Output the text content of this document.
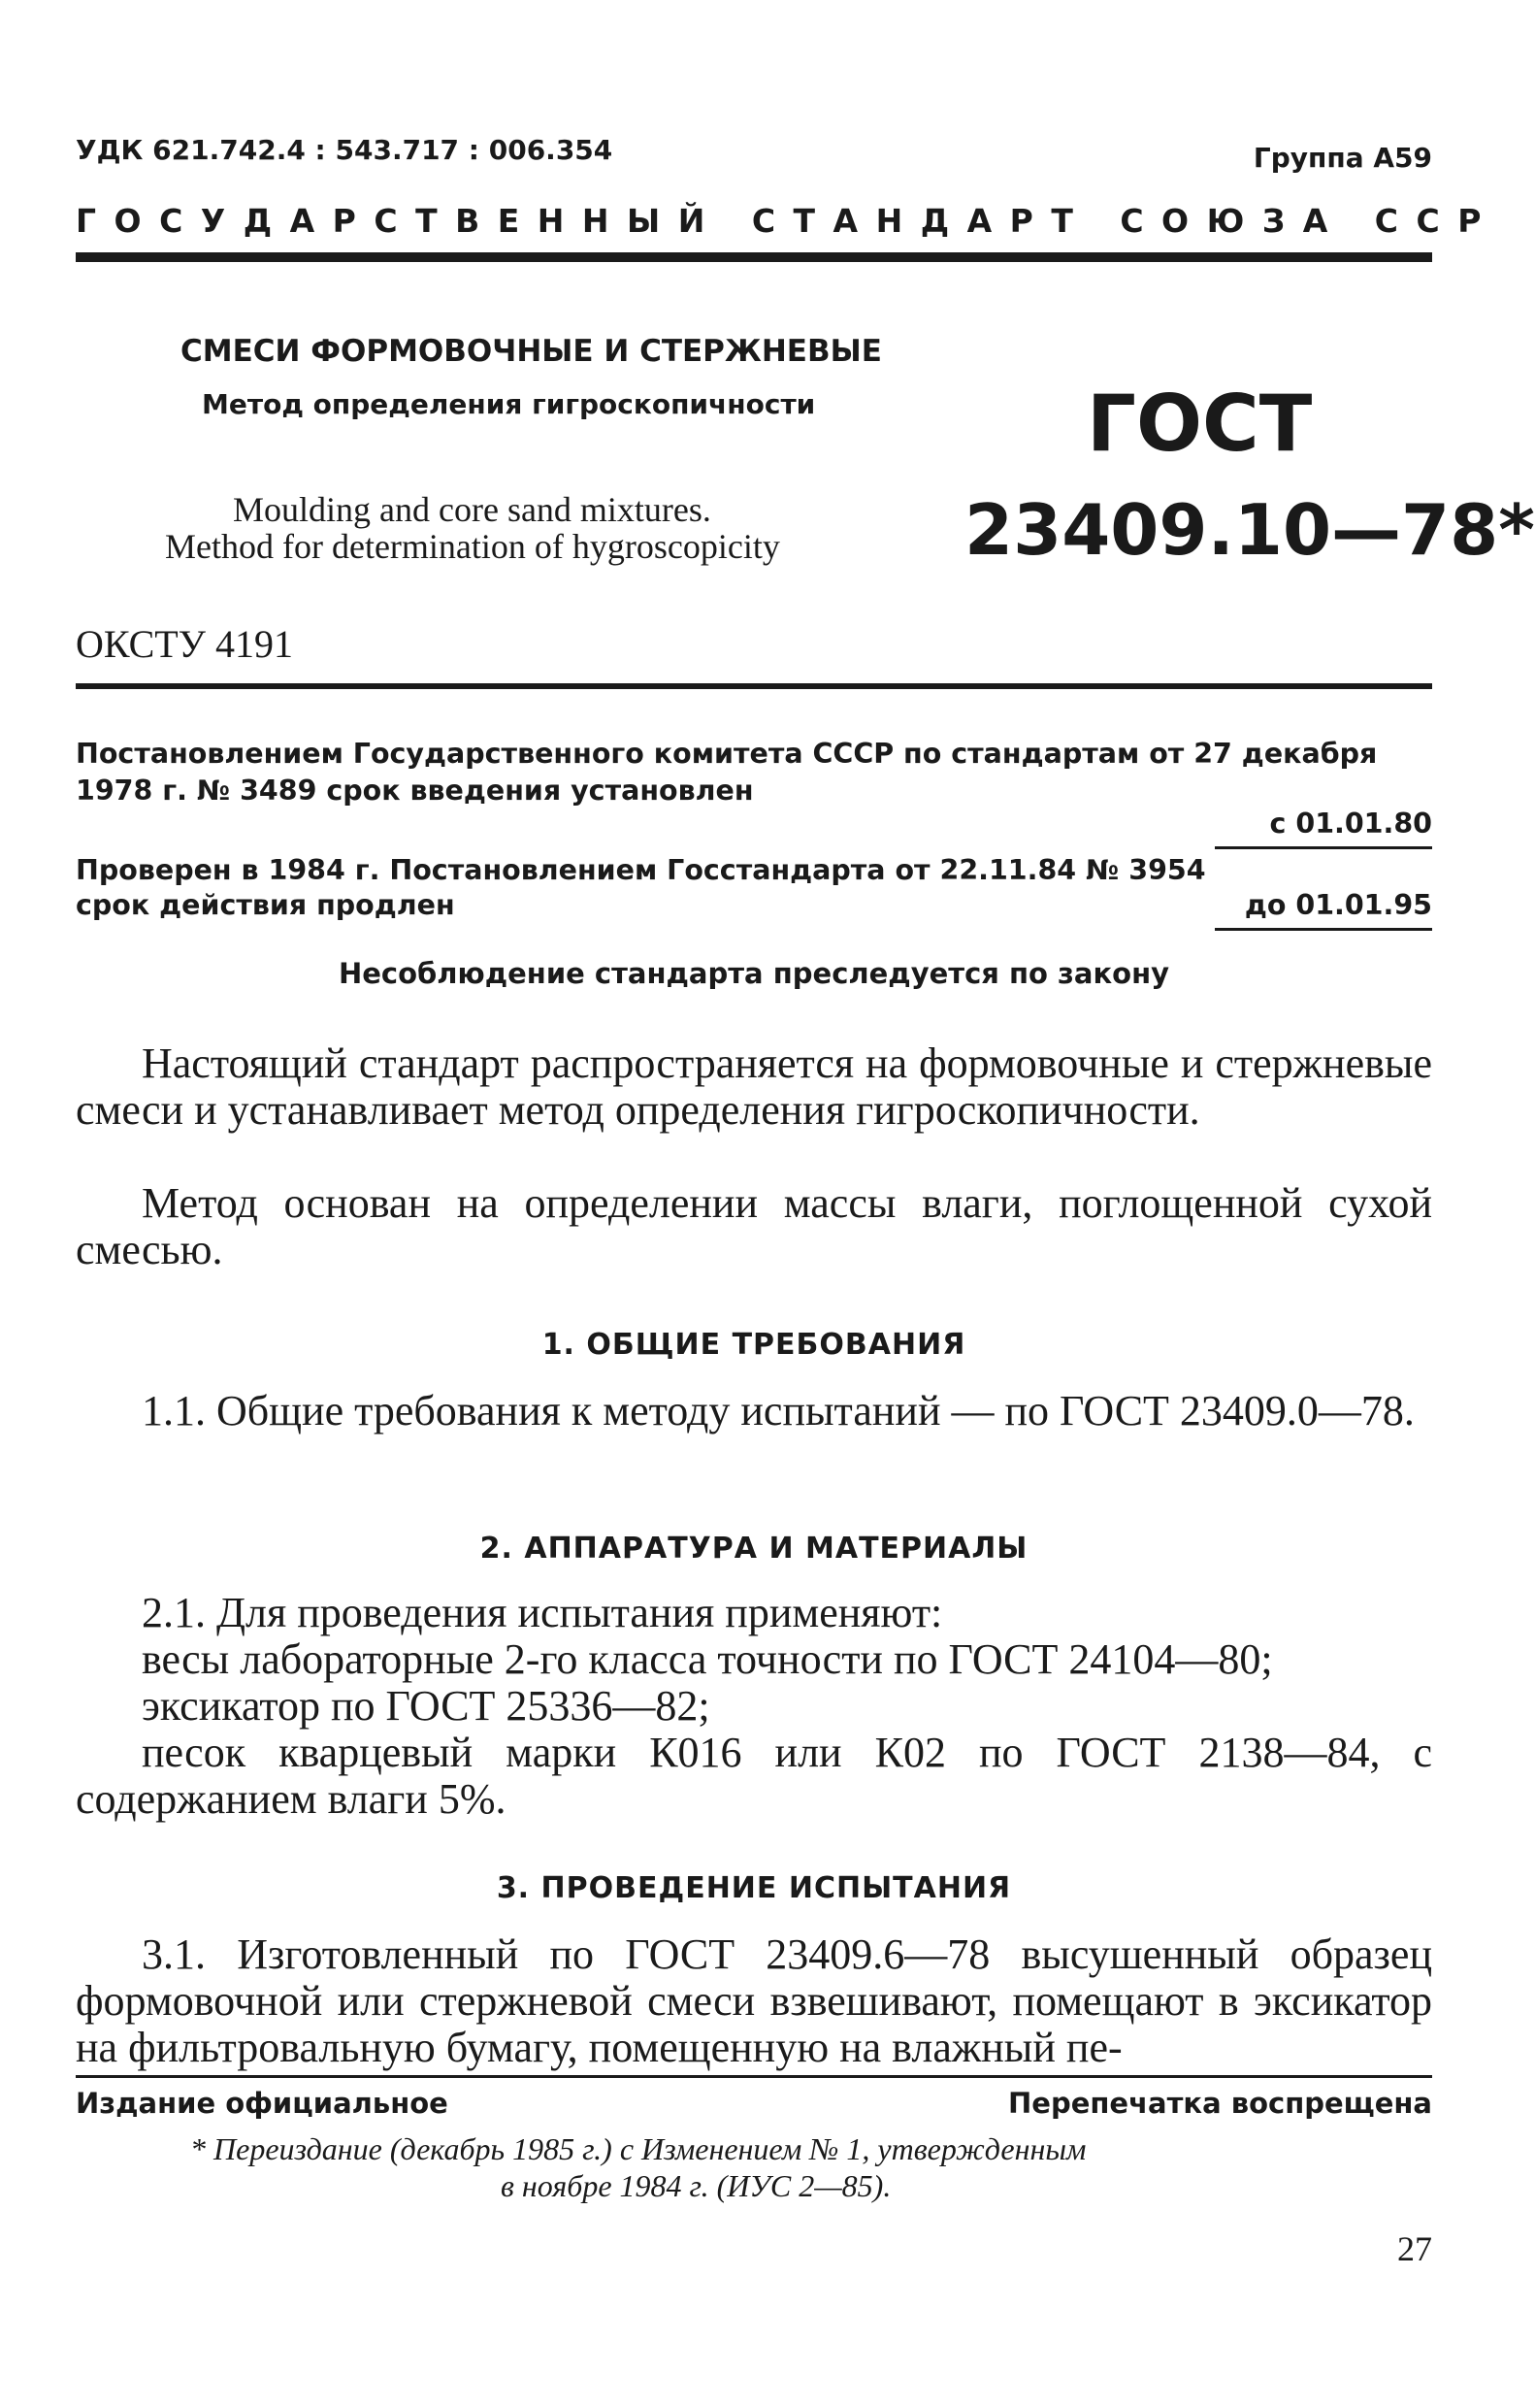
УДК 621.742.4 : 543.717 : 006.354	Группа А59
ГОСУДАРСТВЕННЫЙ СТАНДАРТ СОЮЗА ССР
СМЕСИ ФОРМОВОЧНЫЕ И СТЕРЖНЕВЫЕ
Метод определения гигроскопичности
Moulding and core sand mixtures.
Method for determination of hygroscopicity
ГОСТ
23409.10—78*
ОКСТУ 4191
Постановлением Государственного комитета СССР по стандартам от 27 декабря
1978 г. № 3489 срок введения установлен
с 01.01.80
Проверен в 1984 г. Постановлением Госстандарта от 22.11.84 № 3954
срок действия продлен	до 01.01.95
Несоблюдение стандарта преследуется по закону

Настоящий стандарт распространяется на формовочные и стержневые смеси и устанавливает метод определения гигроскопичности.

Метод основан на определении массы влаги, поглощенной сухой смесью.

1. ОБЩИЕ ТРЕБОВАНИЯ

1.1. Общие требования к методу испытаний — по ГОСТ 23409.0—78.

2. АППАРАТУРА И МАТЕРИАЛЫ

2.1. Для проведения испытания применяют:

весы лабораторные 2-го класса точности по ГОСТ 24104—80;

эксикатор по ГОСТ 25336—82;

песок кварцевый марки К016 или К02 по ГОСТ 2138—84, с содержанием влаги 5%.

3. ПРОВЕДЕНИЕ ИСПЫТАНИЯ

3.1. Изготовленный по ГОСТ 23409.6—78 высушенный образец формовочной или стержневой смеси взвешивают, помещают в эксикатор на фильтровальную бумагу, помещенную на влажный пе-

Издание официальное	Перепечатка воспрещена
* Переиздание (декабрь 1985 г.) с Изменением № 1, утвержденным
в ноябре 1984 г. (ИУС 2—85).
27
